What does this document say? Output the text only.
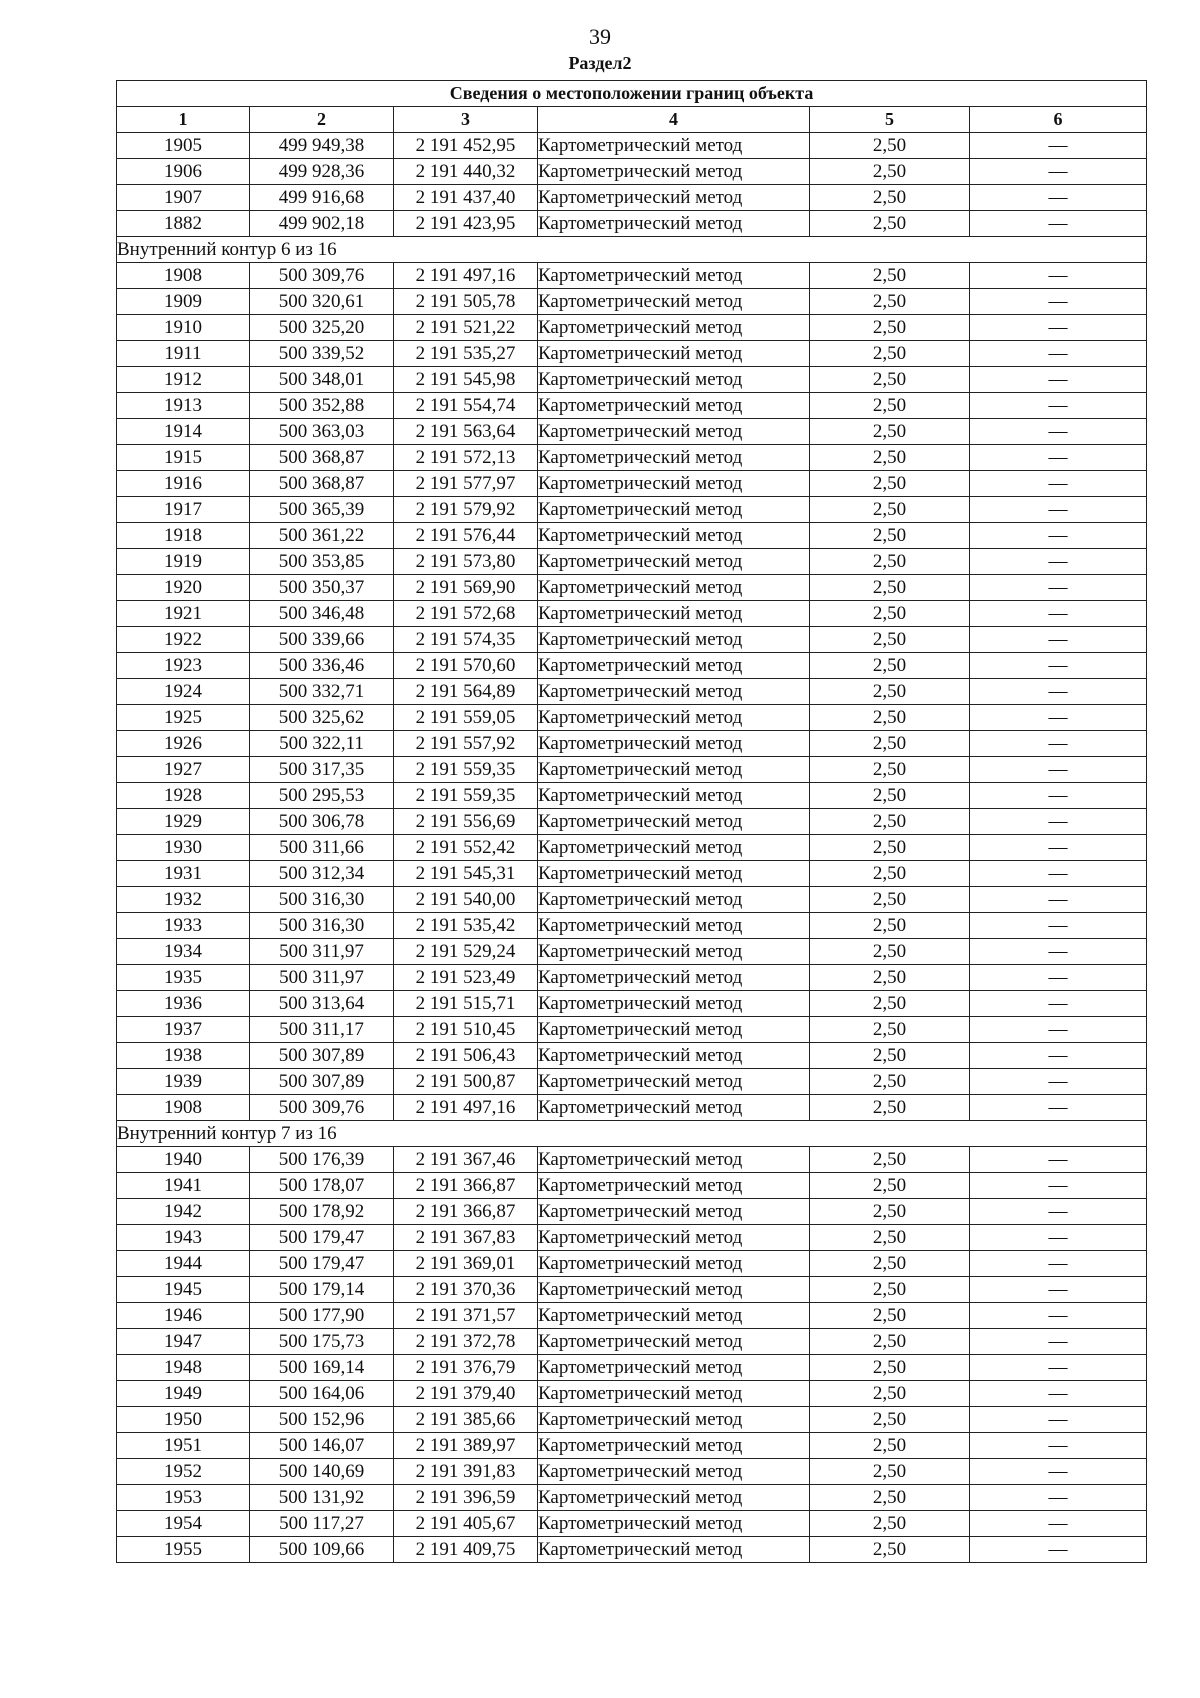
39
Раздел2
Сведения о местоположении границ объекта					
1	2	3	4	5	6
1905	499 949,38	2 191 452,95	Картометрический метод	2,50	—
1906	499 928,36	2 191 440,32	Картометрический метод	2,50	—
1907	499 916,68	2 191 437,40	Картометрический метод	2,50	—
1882	499 902,18	2 191 423,95	Картометрический метод	2,50	—
Внутренний контур 6 из 16					
1908	500 309,76	2 191 497,16	Картометрический метод	2,50	—
1909	500 320,61	2 191 505,78	Картометрический метод	2,50	—
1910	500 325,20	2 191 521,22	Картометрический метод	2,50	—
1911	500 339,52	2 191 535,27	Картометрический метод	2,50	—
1912	500 348,01	2 191 545,98	Картометрический метод	2,50	—
1913	500 352,88	2 191 554,74	Картометрический метод	2,50	—
1914	500 363,03	2 191 563,64	Картометрический метод	2,50	—
1915	500 368,87	2 191 572,13	Картометрический метод	2,50	—
1916	500 368,87	2 191 577,97	Картометрический метод	2,50	—
1917	500 365,39	2 191 579,92	Картометрический метод	2,50	—
1918	500 361,22	2 191 576,44	Картометрический метод	2,50	—
1919	500 353,85	2 191 573,80	Картометрический метод	2,50	—
1920	500 350,37	2 191 569,90	Картометрический метод	2,50	—
1921	500 346,48	2 191 572,68	Картометрический метод	2,50	—
1922	500 339,66	2 191 574,35	Картометрический метод	2,50	—
1923	500 336,46	2 191 570,60	Картометрический метод	2,50	—
1924	500 332,71	2 191 564,89	Картометрический метод	2,50	—
1925	500 325,62	2 191 559,05	Картометрический метод	2,50	—
1926	500 322,11	2 191 557,92	Картометрический метод	2,50	—
1927	500 317,35	2 191 559,35	Картометрический метод	2,50	—
1928	500 295,53	2 191 559,35	Картометрический метод	2,50	—
1929	500 306,78	2 191 556,69	Картометрический метод	2,50	—
1930	500 311,66	2 191 552,42	Картометрический метод	2,50	—
1931	500 312,34	2 191 545,31	Картометрический метод	2,50	—
1932	500 316,30	2 191 540,00	Картометрический метод	2,50	—
1933	500 316,30	2 191 535,42	Картометрический метод	2,50	—
1934	500 311,97	2 191 529,24	Картометрический метод	2,50	—
1935	500 311,97	2 191 523,49	Картометрический метод	2,50	—
1936	500 313,64	2 191 515,71	Картометрический метод	2,50	—
1937	500 311,17	2 191 510,45	Картометрический метод	2,50	—
1938	500 307,89	2 191 506,43	Картометрический метод	2,50	—
1939	500 307,89	2 191 500,87	Картометрический метод	2,50	—
1908	500 309,76	2 191 497,16	Картометрический метод	2,50	—
Внутренний контур 7 из 16					
1940	500 176,39	2 191 367,46	Картометрический метод	2,50	—
1941	500 178,07	2 191 366,87	Картометрический метод	2,50	—
1942	500 178,92	2 191 366,87	Картометрический метод	2,50	—
1943	500 179,47	2 191 367,83	Картометрический метод	2,50	—
1944	500 179,47	2 191 369,01	Картометрический метод	2,50	—
1945	500 179,14	2 191 370,36	Картометрический метод	2,50	—
1946	500 177,90	2 191 371,57	Картометрический метод	2,50	—
1947	500 175,73	2 191 372,78	Картометрический метод	2,50	—
1948	500 169,14	2 191 376,79	Картометрический метод	2,50	—
1949	500 164,06	2 191 379,40	Картометрический метод	2,50	—
1950	500 152,96	2 191 385,66	Картометрический метод	2,50	—
1951	500 146,07	2 191 389,97	Картометрический метод	2,50	—
1952	500 140,69	2 191 391,83	Картометрический метод	2,50	—
1953	500 131,92	2 191 396,59	Картометрический метод	2,50	—
1954	500 117,27	2 191 405,67	Картометрический метод	2,50	—
1955	500 109,66	2 191 409,75	Картометрический метод	2,50	—
